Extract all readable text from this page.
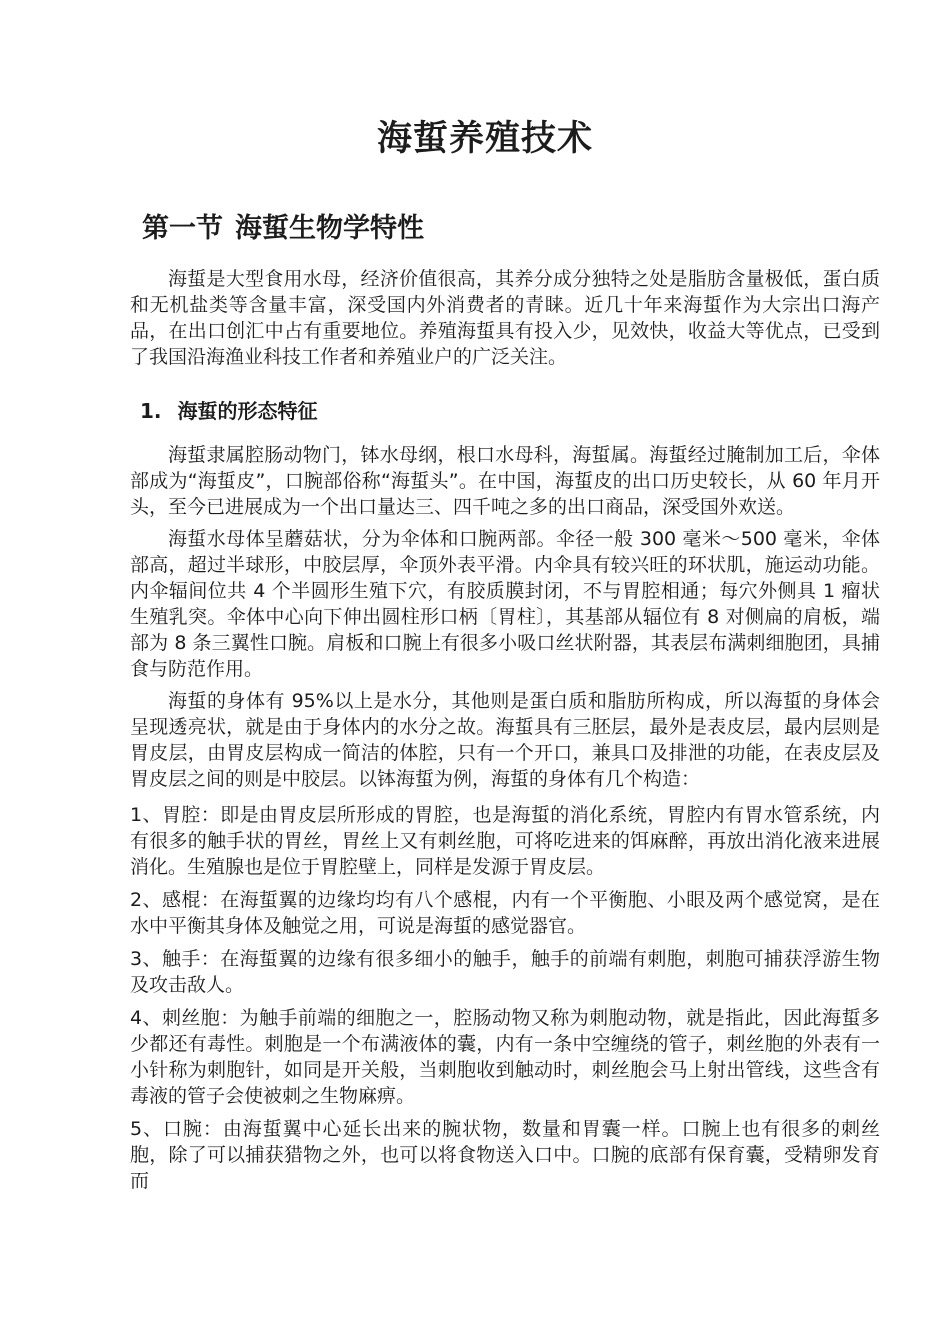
海蜇养殖技术
第一节 海蜇生物学特性

海蜇是大型食用水母，经济价值很高，其养分成分独特之处是脂肪含量极低，蛋白质和无机盐类等含量丰富，深受国内外消费者的青睐。近几十年来海蜇作为大宗出口海产品，在出口创汇中占有重要地位。养殖海蜇具有投入少，见效快，收益大等优点，已受到了我国沿海渔业科技工作者和养殖业户的广泛关注。

1. 海蜇的形态特征

海蜇隶属腔肠动物门，钵水母纲，根口水母科，海蜇属。海蜇经过腌制加工后，伞体部成为“海蜇皮”，口腕部俗称“海蜇头”。在中国，海蜇皮的出口历史较长，从 60 年月开头，至今已进展成为一个出口量达三、四千吨之多的出口商品，深受国外欢送。

海蜇水母体呈蘑菇状，分为伞体和口腕两部。伞径一般 300 毫米～500 毫米，伞体部高，超过半球形，中胶层厚，伞顶外表平滑。内伞具有较兴旺的环状肌，施运动功能。内伞辐间位共 4 个半圆形生殖下穴，有胶质膜封闭，不与胃腔相通；每穴外侧具 1 瘤状生殖乳突。伞体中心向下伸出圆柱形口柄〔胃柱〕，其基部从辐位有 8 对侧扁的肩板，端部为 8 条三翼性口腕。肩板和口腕上有很多小吸口丝状附器，其表层布满刺细胞团，具捕食与防范作用。

海蜇的身体有 95%以上是水分，其他则是蛋白质和脂肪所构成，所以海蜇的身体会呈现透亮状，就是由于身体内的水分之故。海蜇具有三胚层，最外是表皮层，最内层则是胃皮层，由胃皮层构成一简洁的体腔，只有一个开口，兼具口及排泄的功能，在表皮层及胃皮层之间的则是中胶层。以钵海蜇为例，海蜇的身体有几个构造：

1、胃腔：即是由胃皮层所形成的胃腔，也是海蜇的消化系统，胃腔内有胃水管系统，内有很多的触手状的胃丝，胃丝上又有刺丝胞，可将吃进来的饵麻醉，再放出消化液来进展消化。生殖腺也是位于胃腔壁上，同样是发源于胃皮层。

2、感棍：在海蜇翼的边缘均均有八个感棍，内有一个平衡胞、小眼及两个感觉窝，是在水中平衡其身体及触觉之用，可说是海蜇的感觉器官。

3、触手：在海蜇翼的边缘有很多细小的触手，触手的前端有刺胞，刺胞可捕获浮游生物及攻击敌人。

4、刺丝胞：为触手前端的细胞之一，腔肠动物又称为刺胞动物，就是指此，因此海蜇多少都还有毒性。刺胞是一个布满液体的囊，内有一条中空缠绕的管子，刺丝胞的外表有一小针称为刺胞针，如同是开关般，当刺胞收到触动时，刺丝胞会马上射出管线，这些含有毒液的管子会使被刺之生物麻痹。

5、口腕：由海蜇翼中心延长出来的腕状物，数量和胃囊一样。口腕上也有很多的刺丝胞，除了可以捕获猎物之外，也可以将食物送入口中。口腕的底部有保育囊，受精卵发育而
